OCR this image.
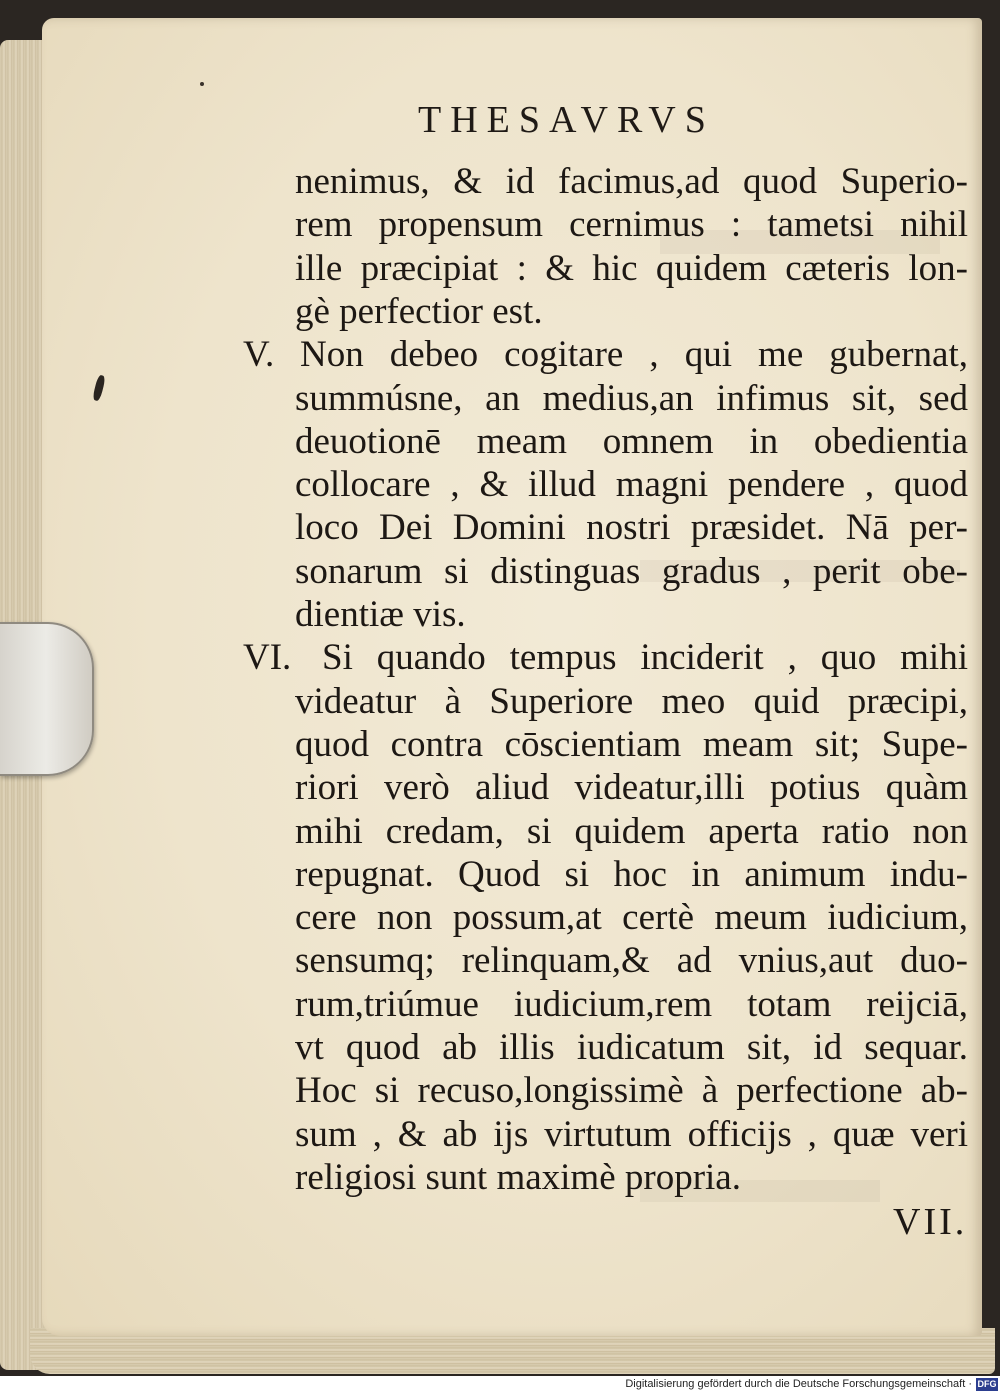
THESAVRVS
nenimus, & id facimus,ad quod Superio-
rem propensum cernimus : tametsi nihil
ille præcipiat : & hic quidem cæteris lon-
gè perfectior est.
V. Non debeo cogitare , qui me gubernat,
summúsne, an medius,an infimus sit, sed
deuotionē meam omnem in obedientia
collocare , & illud magni pendere , quod
loco Dei Domini nostri præsidet. Nā per-
sonarum si distinguas gradus , perit obe-
dientiæ vis.
VI. Si quando tempus inciderit , quo mihi
videatur à Superiore meo quid præcipi,
quod contra cōscientiam meam sit; Supe-
riori verò aliud videatur,illi potius quàm
mihi credam, si quidem aperta ratio non
repugnat. Quod si hoc in animum indu-
cere non possum,at certè meum iudicium,
sensumq; relinquam,& ad vnius,aut duo-
rum,triúmue iudicium,rem totam reijciā,
vt quod ab illis iudicatum sit, id sequar.
Hoc si recuso,longissimè à perfectione ab-
sum , & ab ijs virtutum officijs , quæ veri
religiosi sunt maximè propria.
VII.
Digitalisierung gefördert durch die Deutsche Forschungsgemeinschaft · DFG
